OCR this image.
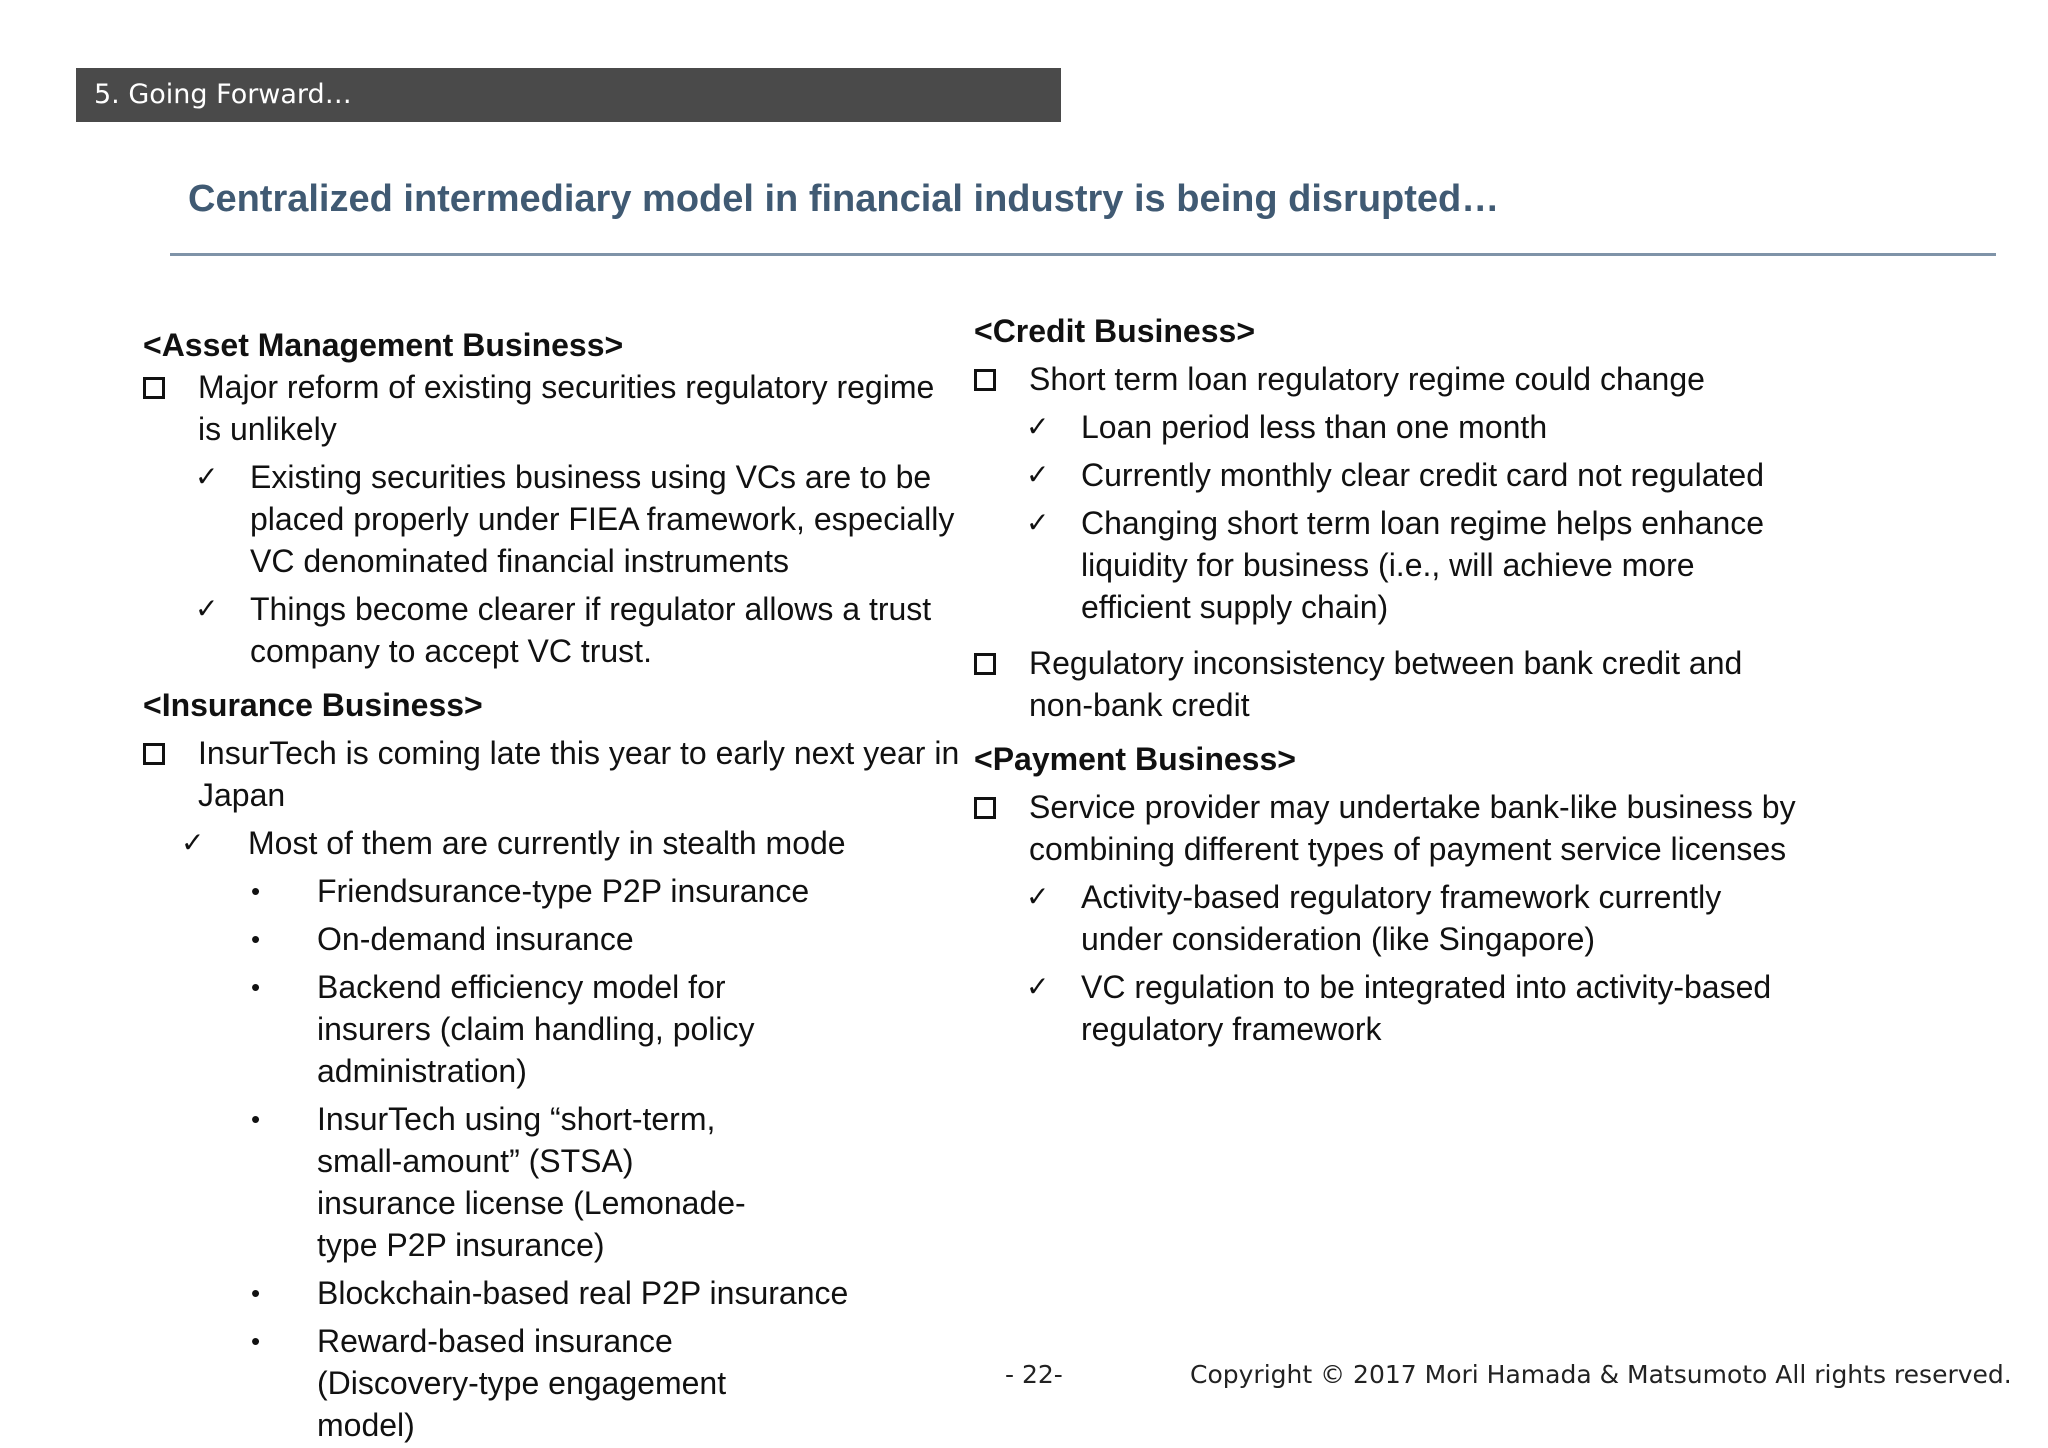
5. Going Forward…
Centralized intermediary model in financial industry is being disrupted…
<Asset Management Business>
Major reform of existing securities regulatory regime is unlikely
✓ Existing securities business using VCs are to be placed properly under FIEA framework, especially VC denominated financial instruments
✓ Things become clearer if regulator allows a trust company to accept VC trust.
<Insurance Business>
InsurTech is coming late this year to early next year in Japan
✓	Most of them are currently in stealth mode
•	Friendsurance-type P2P insurance
•	On-demand insurance
•	Backend efficiency model for insurers (claim handling, policy administration)
•	InsurTech using “short-term, small-amount” (STSA) insurance license (Lemonade-type P2P insurance)
•	Blockchain-based real P2P insurance
•	Reward-based insurance (Discovery-type engagement model)
<Credit Business>
Short term loan regulatory regime could change
✓ Loan period less than one month
✓ Currently monthly clear credit card not regulated
✓ Changing short term loan regime helps enhance liquidity for business (i.e., will achieve more efficient supply chain)
Regulatory inconsistency between bank credit and non-bank credit
<Payment Business>
Service provider may undertake bank-like business by combining different types of payment service licenses
✓ Activity-based regulatory framework currently under consideration (like Singapore)
✓ VC regulation to be integrated into activity-based regulatory framework
- 22-	Copyright © 2017 Mori Hamada & Matsumoto All rights reserved.
